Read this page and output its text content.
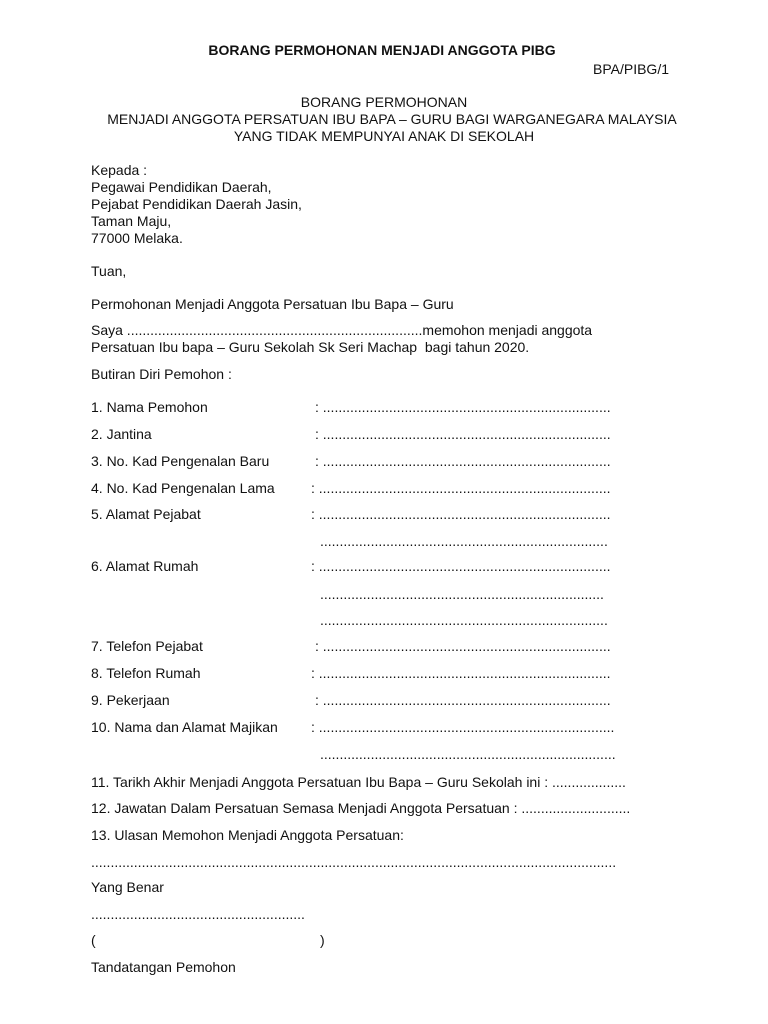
BORANG PERMOHONAN MENJADI ANGGOTA PIBG
BPA/PIBG/1
BORANG PERMOHONAN
MENJADI ANGGOTA PERSATUAN IBU BAPA – GURU BAGI WARGANEGARA MALAYSIA
YANG TIDAK MEMPUNYAI ANAK DI SEKOLAH
Kepada :
Pegawai Pendidikan Daerah,
Pejabat Pendidikan Daerah Jasin,
Taman Maju,
77000 Melaka.
Tuan,
Permohonan Menjadi Anggota Persatuan Ibu Bapa – Guru
Saya ............................................................................memohon menjadi anggota
Persatuan Ibu bapa – Guru Sekolah Sk Seri Machap  bagi tahun 2020.
Butiran Diri Pemohon :
1. Nama Pemohon	: ..........................................................................
2. Jantina	: ..........................................................................
3. No. Kad Pengenalan Baru	: ..........................................................................
4. No. Kad Pengenalan Lama	: ...........................................................................
5. Alamat Pejabat	: ...........................................................................
..........................................................................
6. Alamat Rumah	: ...........................................................................
.........................................................................
..........................................................................
7. Telefon Pejabat	: ..........................................................................
8. Telefon Rumah	: ...........................................................................
9. Pekerjaan	: ..........................................................................
10. Nama dan Alamat Majikan : ............................................................................
............................................................................
11. Tarikh Akhir Menjadi Anggota Persatuan Ibu Bapa – Guru Sekolah ini : ...................
12. Jawatan Dalam Persatuan Semasa Menjadi Anggota Persatuan : ............................
13. Ulasan Memohon Menjadi Anggota Persatuan:
.......................................................................................................................................
Yang Benar
.......................................................
(	)
Tandatangan Pemohon
